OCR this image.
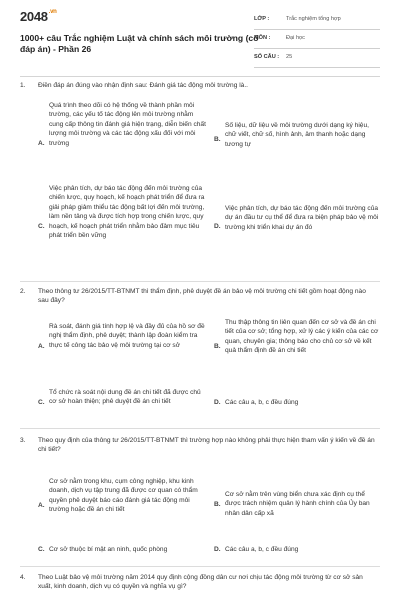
$2048^{.vn}$
1000+ câu Trắc nghiệm Luật và chính sách môi trường (có đáp án) - Phần 26
LỚP :	Trắc nghiệm tổng hợp
MÔN :	Đại học
SỐ CÂU : 25
1.	Điền đáp án đúng vào nhận định sau: Đánh giá tác động môi trường là..
A.
Quá trình theo dõi có hệ thống về thành phần môi trường, các yếu tố tác động lên môi trường nhằm cung cấp thông tin đánh giá hiện trạng, diễn biến chất lượng môi trường và các tác động xấu đối với môi trường
B.
Số liệu, dữ liệu về môi trường dưới dạng ký hiệu, chữ viết, chữ số, hình ảnh, âm thanh hoặc dạng tương tự
C.
Việc phân tích, dự báo tác động đến môi trường của chiến lược, quy hoạch, kế hoạch phát triển để đưa ra giải pháp giảm thiểu tác động bất lợi đến môi trường, làm nền tảng và được tích hợp trong chiến lược, quy hoạch, kế hoạch phát triển nhằm bảo đảm mục tiêu phát triển bền vững
D.
Việc phân tích, dự báo tác động đến môi trường của dự án đầu tư cụ thể để đưa ra biện pháp bảo vệ môi trường khi triển khai dự án đó
2.	Theo thông tư 26/2015/TT-BTNMT thì thẩm định, phê duyệt đề án bảo vệ môi trường chi tiết gồm hoạt động nào sau đây?
A.
Rà soát, đánh giá tính hợp lệ và đầy đủ của hồ sơ đề nghị thẩm định, phê duyệt; thành lập đoàn kiểm tra thực tế công tác bảo vệ môi trường tại cơ sở	B.
Thu thập thông tin liên quan đến cơ sở và đề án chi tiết của cơ sở; tổng hợp, xử lý các ý kiến của các cơ quan, chuyên gia; thông báo cho chủ cơ sở về kết quả thẩm định đề án chi tiết
C.
Tổ chức rà soát nội dung đề án chi tiết đã được chủ cơ sở hoàn thiện; phê duyệt đề án chi tiết	D. Các câu a, b, c đều đúng
3.	Theo quy định của thông tư 26/2015/TT-BTNMT thì trường hợp nào không phải thực hiện tham vấn ý kiến về đề án chi tiết?
A.
Cơ sở nằm trong khu, cụm công nghiệp, khu kinh doanh, dịch vụ tập trung đã được cơ quan có thẩm quyền phê duyệt báo cáo đánh giá tác động môi trường hoặc đề án chi tiết
B.
Cơ sở nằm trên vùng biển chưa xác định cụ thể được trách nhiệm quản lý hành chính của Ủy ban nhân dân cấp xã
C. Cơ sở thuộc bí mật an ninh, quốc phòng	D. Các câu a, b, c đều đúng
4.	Theo Luật bảo vệ môi trường năm 2014 quy định cộng đồng dân cư nơi chịu tác động môi trường từ cơ sở sản xuất, kinh doanh, dịch vụ có quyền và nghĩa vụ gì?
